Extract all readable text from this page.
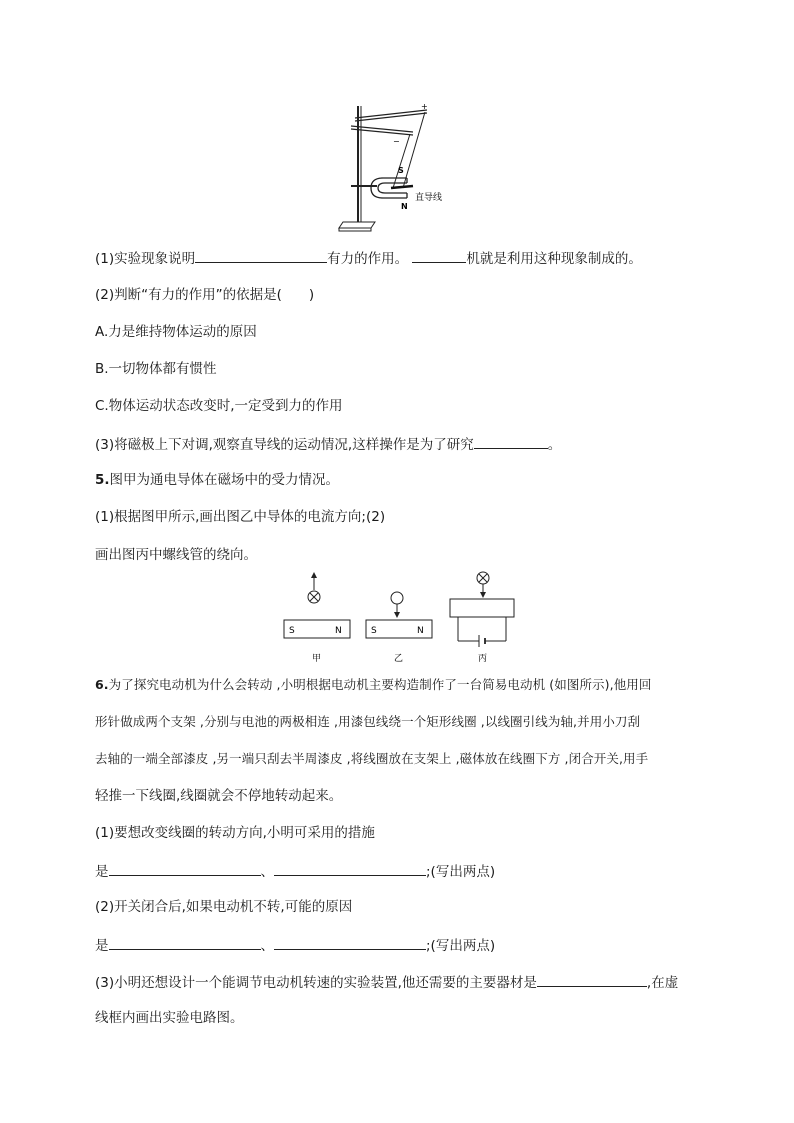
S
N
+
−
直导线
(1)实验现象说明	有力的作用。	机就是利用这种现象制成的。
(2)判断“有力的作用”的依据是(　　)
A.力是维持物体运动的原因
B.一切物体都有惯性
C.物体运动状态改变时,一定受到力的作用
(3)将磁极上下对调,观察直导线的运动情况,这样操作是为了研究	。
5.图甲为通电导体在磁场中的受力情况。
(1)根据图甲所示,画出图乙中导体的电流方向;(2)
画出图丙中螺线管的绕向。
S	N
甲
S	N
乙	丙
6.为了探究电动机为什么会转动 ,小明根据电动机主要构造制作了一台简易电动机 (如图所示),他用回
形针做成两个支架 ,分别与电池的两极相连 ,用漆包线绕一个矩形线圈 ,以线圈引线为轴,并用小刀刮
去轴的一端全部漆皮 ,另一端只刮去半周漆皮 ,将线圈放在支架上 ,磁体放在线圈下方 ,闭合开关,用手
轻推一下线圈,线圈就会不停地转动起来。
(1)要想改变线圈的转动方向,小明可采用的措施
是	、	;(写出两点)
(2)开关闭合后,如果电动机不转,可能的原因
是	、	;(写出两点)
(3)小明还想设计一个能调节电动机转速的实验装置,他还需要的主要器材是	,在虚
线框内画出实验电路图。
